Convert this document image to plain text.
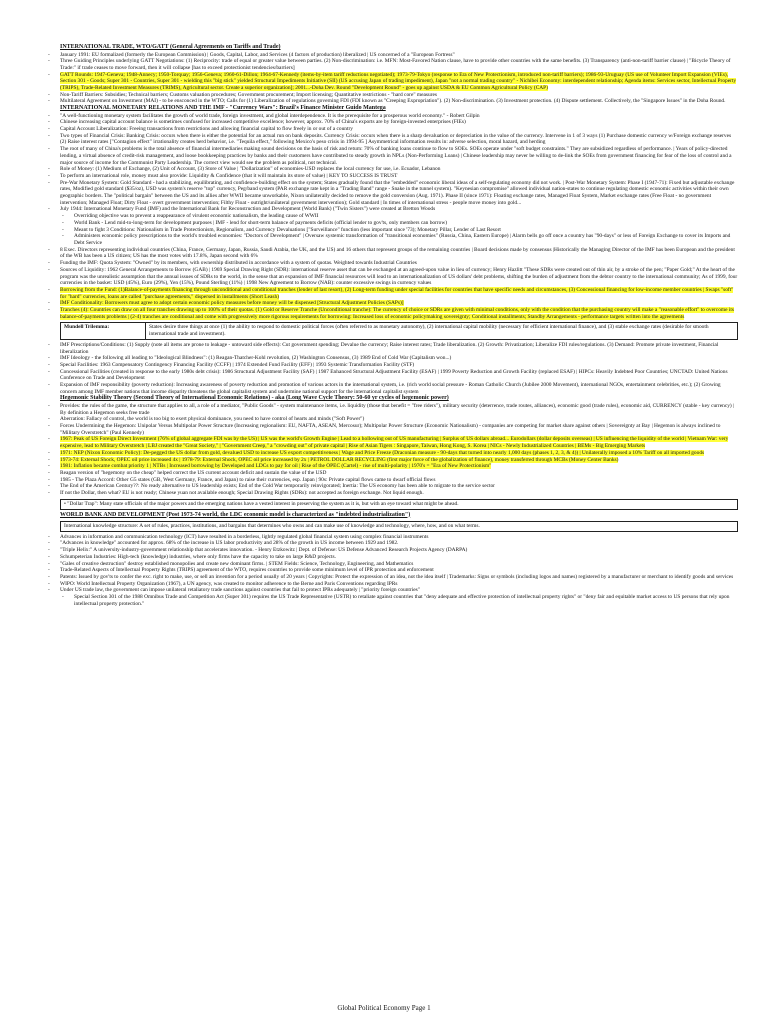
INTERNATIONAL TRADE, WTO/GATT (General Agreements on Tariffs and Trade)
- January 1991: EU formalized (formerly the European Commission) | Goods, Capital, Labor, and Services (4 factors of production) liberalized | US concerned of a "European Fortress"
- Three Guiding Principles underlying GATT Negotiations: (1) Reciprocity: trade of equal or greater value between parties. (2) Non-discrimination: i.e. MFN: Most-Favored Nation clause, have to provide other countries with the same benefits. (3) Transparency (anti-non-tariff barrier clause) | "Bicycle Theory of Trade:" if trade ceases to move forward, then it will collapse [has to exceed protectionist tendencies/barriers]
- GATT Rounds: 1947-Geneva; 1948-Annecy; 1950-Torquay; 1956-Geneva; 1960-61-Dillon; 1964-67-Kennedy (items-by-item tariff reductions negotiated); 1973-79-Tokyo (response to Era of New Protectionism, introduced non-tariff barriers); 1986-93-Uruguay (US use of Volunteer Import Expansion (VIEs), Section 301 - Goods; Super 301 - Countries, Super 301 - wielding this "big stick" yielded Structural Impediments Initiative (SII) (US accusing Japan of trading impediment), Japan "not a normal trading country" - Nichibei Economy: interdependent relationship; Agenda items: Services sector, Intellectual Property (TRIPS), Trade-Related Investment Measures (TRIMS), Agricultural sector. Create a superior organization]; 2001...-Doha Dev. Round "Development Round" - goes up against USDA & EU Common Agricultural Policy (CAP)
- Non-Tariff Barriers: Subsidies; Technical barriers; Customs valuation procedures; Government procurement; Import licensing; Quantitative restrictions - "hard core" measures
- Multilateral Agreement on Investment (MAI) - to be ensconced in the WTO; Calls for (1) Liberalization of regulations governing FDI (FDI known as "Creeping Expropriation"). (2) Non-discrimination. (3) Investment protection. (4) Dispute settlement. Collectively, the "Singapore Issues" in the Doha Round.
INTERNATIONAL MONETARY RELATIONS AND THE IMF - "Currency Wars": Brazil's Finance Minister Guido Mantega
- "A well-functioning monetary system facilitates the growth of world trade, foreign investment, and global interdependence. It is the prerequisite for a prosperous world economy." - Robert Gilpin
- Chinese increasing capital account balance is sometimes confused for increased competitive excellence; however, approx. 70% of China's exports are by foreign-invested enterprises (FIEs)
- Capital Account Liberalization: Freeing transactions from restrictions and allowing financial capital to flow freely in or out of a country
- Two types of Financial Crisis: Banking Crisis: occurs when there is either the potential for an actual run on bank deposits. Currency Crisis: occurs when there is a sharp devaluation or depreciation in the value of the currency. Intervene in 1 of 3 ways (1) Purchase domestic currency w/Foreign exchange reserves (2) Raise interest rates ["Contagion effect" irrationality creates herd behavior, i.e. "Tequila effect," following Mexico's peso crisis in 1994-95 ] Asymmetrical information results in: adverse selection, moral hazard, and herding
- The root of many of China's problems is the total absence of financial intermediaries making sound decisions on the basis of risk and return: 70% of banking loans continue to flow to SOEs. SOEs operate under "soft budget constraints." They are subsidized regardless of performance. | Years of policy-directed lending, a virtual absence of credit-risk management, and loose bookkeeping practices by banks and their customers have contributed to steady growth in NPLs (Non-Performing Loans) | Chinese leadership may never be willing to de-link the SOEs from government financing for fear of the loss of control and a major source of income for the Communist Party Leadership. The correct view would see the problem as political, not technical.
- Role of Money: (1) Medium of Exchange, (2) Unit of Account, (3) Store of Value | "Dollarization" of economies-USD replaces the local currency for use, i.e. Ecuador, Lebanon
- To perform an international role, money must also provide: Liquidity & Confidence (that it will maintain its store of value) | KEY TO SUCCESS IS TRUST
- Pre-War Monetary System: Gold Standard - had a stabilizing, equilibrating, and confidence-building effect on the system; States gradually found that the "embedded" economic liberal ideas of a self-regulating economy did not work. | Post-War Monetary System: Phase I (1947-71): Fixed but adjustable exchange rates, Modified gold standard ($35/oz), USD was system's reserve "top" currency, Peg/band system (PAR exchange rate kept in a "Trading Band" range - Snake in the tunnel system). "Keynesian compromise" allowed individual nation-states to continue regulating domestic economic activities within their own geographic borders. The "political bargain" between the US and its allies after WWII became unworkable, Nixon unilaterally decided to remove the gold conversion (Aug. 1971). Phase II (since 1971): Floating exchange rates, Managed Float System, Market exchange rates (Free Float - no government intervention; Managed Float; Dirty Float - overt government intervention; Filthy Float - outright/unilateral government intervention); Gold standard | In times of international stress - people move money into gold...
- July 1944: International Monetary Fund (IMF) and the International Bank for Reconstruction and Development (World Bank) ("Twin Sisters") were created at Bretton Woods
- Overriding objective was to prevent a reappearance of virulent economic nationalism, the leading cause of WWII
- World Bank - Lend mid-to-long-term for development purposes | IMF - lend for short-term balance of payments deficits (official lender to gov'ts, only members can borrow)
- Meant to fight 3 Conditions: Nationalism in Trade Protectionism, Regionalism, and Currency Devaluations ["Surveillance" function (less important since '73); Monetary Pillar, Lender of Last Resort
- Administers economic policy prescriptions to the world's troubled economies: "Doctors of Development" | Oversaw systemic transformation of "transitional economies" (Russia, China, Eastern Europe) | Alarm bells go off once a country has "90-days" or less of Foreign Exchange to cover its Imports and Debt Service
- 8 Exec. Directors representing individual countries (China, France, Germany, Japan, Russia, Saudi Arabia, the UK, and the US) and 16 others that represent groups of the remaining countries | Board decisions made by consensus |Historically the Managing Director of the IMF has been European and the president of the WB has been a US citizen; US has the most votes with 17.8%, Japan second with 6%
- Funding the IMF: Quota System: "Owned" by its members, with ownership distributed in accordance with a system of quotas. Weighted towards Industrial Countries
- Sources of Liquidity: 1962 General Arrangements to Borrow (GAB) | 1969 Special Drawing Right (SDR): international reserve asset that can be exchanged at an agreed-upon value in lieu of currency; Henry Hazlitt "These SDRs were created out of thin air, by a stroke of the pen; "Paper Gold;" At the heart of the program was the unrealistic assumption that the annual issues of SDRs to the world, in the sense that an expansion of IMF financial resources will lead to an internationalization of US dollars' debt problems, shifting the burden of adjustment from the debtor country to the international community; As of 1999, four currencies in the basket: USD (45%), Euro (29%), Yen (15%), Pound Sterling (11%) | 1998 New Agreement to Borrow (NAB): counter excessive swings in currency values
- Borrowing from the Fund: (1)Balance-of-payments financing through unconditional and conditional tranches (lender of last resort), (2) Long-term funding under special facilities for countries that have specific needs and circumstances, (3) Concessional financing for low-income member countries | Swaps "soft" for "hard" currencies, loans are called "purchase agreements," dispersed in installments (Short Leash)
- IMF Conditionality: Borrowers must agree to adopt certain economic policy measures before money will be dispensed [Structural Adjustment Policies (SAPs)]
- Tranches (4): Countries can draw on all four tranches drawing up to 100% of their quotas. (1) Gold or Reserve Tranche (Unconditional tranche): The currency of choice or SDRs are given with minimal conditions, only with the condition that the purchasing country will make a "reasonable effort" to overcome its balance-of-payments problems | (2-4) tranches are conditional and come with progressively more rigorous requirements for borrowing: Increased loss of economic policymaking sovereignty; Conditional installments; Standby Arrangements - performance targets written into the agreements
Mundell Trilemma:	States desire three things at once (1) the ability to respond to domestic political forces (often referred to as monetary autonomy), (2) international capital mobility (necessary for efficient international finance), and (3) stable exchange rates (desirable for smooth international trade and investment).
- IMF Prescriptions/Conditions: (1) Supply (note all items are prone to leakage - untoward side effects): Cut government spending; Devalue the currency; Raise interest rates; Trade liberalization. (2) Growth: Privatization; Liberalize FDI rules/regulations. (3) Demand: Promote private investment, Financial liberalization
- IMF Ideology - the following all leading to "Ideological Blindness": (1) Reagan-Thatcher-Kohl revolution, (2) Washington Consensus, (3) 1989 End of Cold War (Capitalism won...)
- Special Facilities: 1963 Compensatory Contingency Financing Facility (CCFF) | 1974 Extended Fund Facility (EFF) | 1993 Systemic Transformation Facility (STF)
- Concessional Facilities (created in response to the early 1980s debt crisis): 1986 Structural Adjustment Facility (SAF) | 1987 Enhanced Structural Adjustment Facility (ESAF) | 1999 Poverty Reduction and Growth Facility (replaced ESAF) | HIPCs: Heavily Indebted Poor Countries; UNCTAD: United Nations Conference on Trade and Development
- Expansion of IMF responsibility (poverty reduction): Increasing awareness of poverty reduction and promotion of various actors in the international system, i.e. (rich world social pressure - Roman Catholic Church (Jubilee 2000 Movement), international NGOs, entertainment celebrities, etc.); (2) Growing concern among IMF member nations that income disparity threatens the global capitalist system and undermine national support for the international capitalist system
Hegemonic Stability Theory (Second Theory of International Economic Relations) - aka (Long Wave Cycle Theory: 50-60 yr cycles of hegemonic power)
- Provides: the rules of the game, the structure that applies to all, a role of a mediator, "Public Goods" - system maintenance items, i.e. liquidity (those that benefit = "free riders"), military security (deterrence, trade routes, alliances), economic good (trade rules), economic aid, CURRENCY (stable - key currency) | By definition a Hegemon seeks free trade
- Aberration: Fallacy of control, the world is too big to exert physical dominance, you need to have control of hearts and minds ("Soft Power")
- Forces Undermining the Hegemon: Unipolar Versus Multipolar Power Structure (Increasing regionalism: EU, NAFTA, ASEAN, Mercosur); Multipolar Power Structure (Economic Nationalism) - companies are competing for market share against others | Sovereignty at Bay | Hegemon is always inclined to "Military Overstretch" (Paul Kennedy)
- 1967: Peak of US Foreign Direct Investment (76% of global aggregate FDI was by the US) | US was the world's Growth Engine | Lead to a hollowing out of US manufacturing | Surplus of US dollars abroad... Eurodollars (dollar deposits overseas) | US influencing the liquidity of the world | Vietnam War: very expensive, lead to Military Overstretch | LBJ created the "Great Society," | "Government Creep," a "crowding out" of private capital | Rise of Asian Tigers : Singapore, Taiwan, Hong Kong, S. Korea | NICs - Newly Industrialized Countries | BEMs - Big Emerging Markets
- 1971: NEP (Nixon Economic Policy): De-pegged the US dollar from gold, devalued USD to increase US export competitiveness | Wage and Price Freeze (Draconian measure - 90-days that turned into nearly 1,000 days (phases 1, 2, 3, & 4)) | Unilaterally imposed a 10% Tariff on all imported goods
- 1973-74: External Shock, OPEC oil price increased 4x | 1978-79: External Shock, OPEC oil price increased by 2x | PETROL DOLLAR RECYCLING (first major force of the globalization of finance), money transferred through MCBs (Money Center Banks)
- 1981: Inflation became combat priority 1 | NTBs | Increased borrowing by Developed and LDCs to pay for oil | Rise of the OPEC (Cartel) - rise of multi-polarity | 1970's = "Era of New Protectionism"
- Reagan version of "hegemony on the cheap" helped correct the US current account deficit and sustain the value of the USD
- 1985 - The Plaza Accord: Other G5 states (GB, West Germany, France, and Japan) to raise their currencies, esp. Japan | 90s: Private capital flows came to dwarf official flows
- The End of the American Century??: No ready alternative to US leadership exists; End of the Cold War temporarily reinvigorated; Inertia: The US economy has been able to migrate to the service sector
- If not the Dollar, then what? EU is not ready; Chinese yuan not available enough; Special Drawing Rights (SDRs): not accepted as foreign exchange. Not liquid enough.
• "Dollar Trap": Many state officials of the major powers and the emerging nations have a vested interest in preserving the system as it is, but with an eye toward what might be ahead.
WORLD BANK AND DEVELOPMENT (Post 1973-74 world, the LDC economic model is characterized as "indebted industrialization")
International knowledge structure: A set of rules, practices, institutions, and bargains that determines who owns and can make use of knowledge and technology, where, how, and on what terms.
- Advances in information and communication technology (ICT) have resulted in a borderless, lightly regulated global financial system using complex financial instruments
- "Advances in knowledge" accounted for approx. 68% of the increase in US labor productivity and 28% of the growth in US income between 1929 and 1982.
- "Triple Helix:" A university-industry-government relationship that accelerates innovation. - Henry Etzkowitz | Dept. of Defense: US Defense Advanced Research Projects Agency (DARPA)
- Schumpeterian Industries: High-tech (knowledge) industries, where only firms have the capacity to take on large R&D projects.
- "Gales of creative destruction" destroy established monopolies and create new dominant firms. | STEM Fields: Science, Technology, Engineering, and Mathematics
- Trade-Related Aspects of Intellectual Property Rights (TRIPS) agreement of the WTO, requires countries to provide some minimum level of IPR protection and enforcement
- Patents: Issued by gov'ts to confer the exc. right to make, use, or sell an invention for a period usually of 20 years | Copyrights: Protect the expression of an idea, not the idea itself | Trademarks: Signs or symbols (including logos and names) registered by a manufacturer or merchant to identify goods and services
- WIPO: World Intellectual Property Organization (1967), a UN agency, was created to monitor adherence to the Berne and Paris Conventions regarding IPRs
- Under US trade law, the government can impose unilateral retaliatory trade sanctions against countries that fail to protect IPRs adequately | "priority foreign countries"
- Special Section 301 of the 1988 Omnibus Trade and Competition Act (Super 301) requires the US Trade Representative (USTR) to retaliate against countries that "deny adequate and effective protection of intellectual property rights" or "deny fair and equitable market access to US persons that rely upon intellectual property protection."
Global Political Economy Page 1
